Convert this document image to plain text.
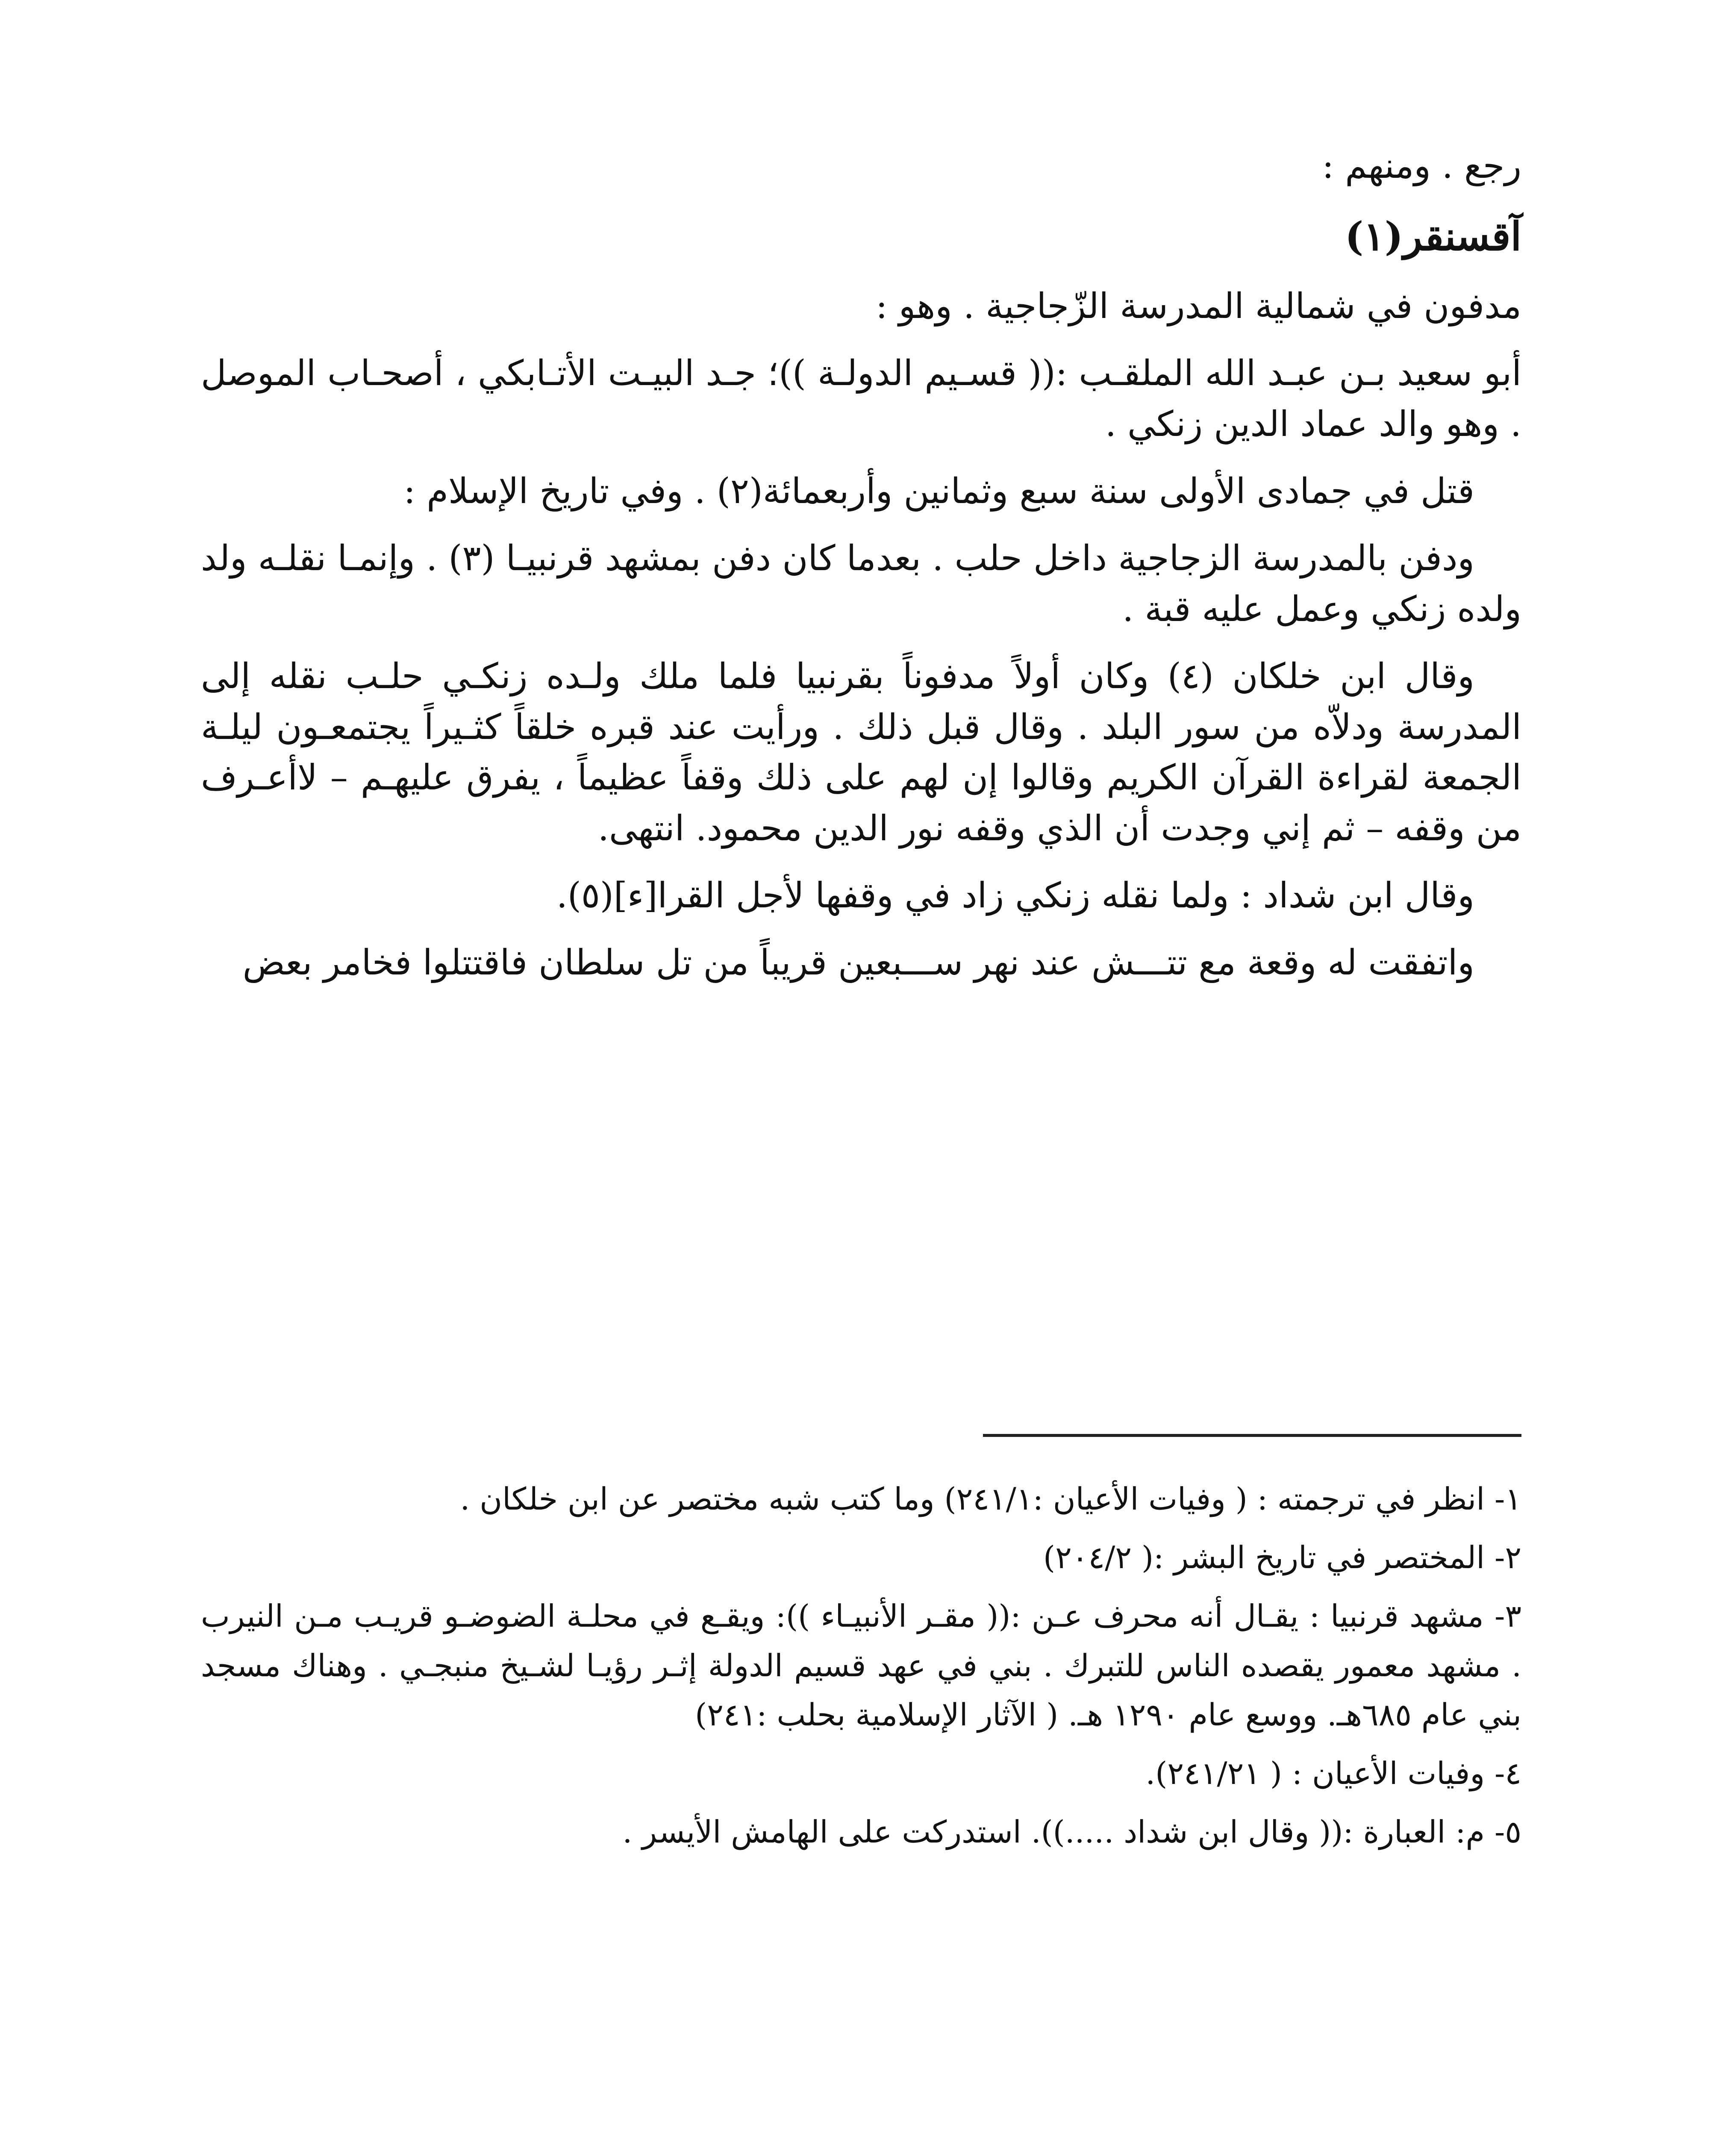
رجع . ومنهم :

آقسنقر(١)

مدفون في شمالية المدرسة الزّجاجية . وهو :

أبو سعيد بـن عبـد الله الملقـب :(( قسـيم الدولـة ))؛ جـد البيـت الأتـابكي ، أصحـاب الموصل . وهو والد عماد الدين زنكي .

قتل في جمادى الأولى سنة سبع وثمانين وأربعمائة(٢) . وفي تاريخ الإسلام :

ودفن بالمدرسة الزجاجية داخل حلب . بعدما كان دفن بمشهد قرنبيـا (٣) . وإنمـا نقلـه ولد ولده زنكي وعمل عليه قبة .

وقال ابن خلكان (٤) وكان أولاً مدفوناً بقرنبيا فلما ملك ولـده زنكـي حلـب نقله إلى المدرسة ودلاّه من سور البلد . وقال قبل ذلك . ورأيت عند قبره خلقاً كثـيراً يجتمعـون ليلـة الجمعة لقراءة القرآن الكريم وقالوا إن لهم على ذلك وقفاً عظيماً ، يفرق عليهـم – لاأعـرف من وقفه – ثم إني وجدت أن الذي وقفه نور الدين محمود. انتهى.

وقال ابن شداد : ولما نقله زنكي زاد في وقفها لأجل القرا[ء](٥).

واتفقت له وقعة مع تتـــش عند نهر ســـبعين قريباً من تل سلطان فاقتتلوا فخامر بعض

١- انظر في ترجمته : ( وفيات الأعيان :٢٤١/١) وما كتب شبه مختصر عن ابن خلكان .

٢- المختصر في تاريخ البشر :( ٢٠٤/٢)

٣- مشهد قرنبيا : يقـال أنه محرف عـن :(( مقـر الأنبيـاء )): ويقـع في محلـة الضوضـو قريـب مـن النيرب . مشهد معمور يقصده الناس للتبرك . بني في عهد قسيم الدولة إثـر رؤيـا لشـيخ منبجـي . وهناك مسجد بني عام ٦٨٥هـ. ووسع عام ١٢٩٠ هـ. ( الآثار الإسلامية بحلب :٢٤١)

٤- وفيات الأعيان : ( ٢٤١/٢١).

٥- م: العبارة :(( وقال ابن شداد .....)). استدركت على الهامش الأيسر .
